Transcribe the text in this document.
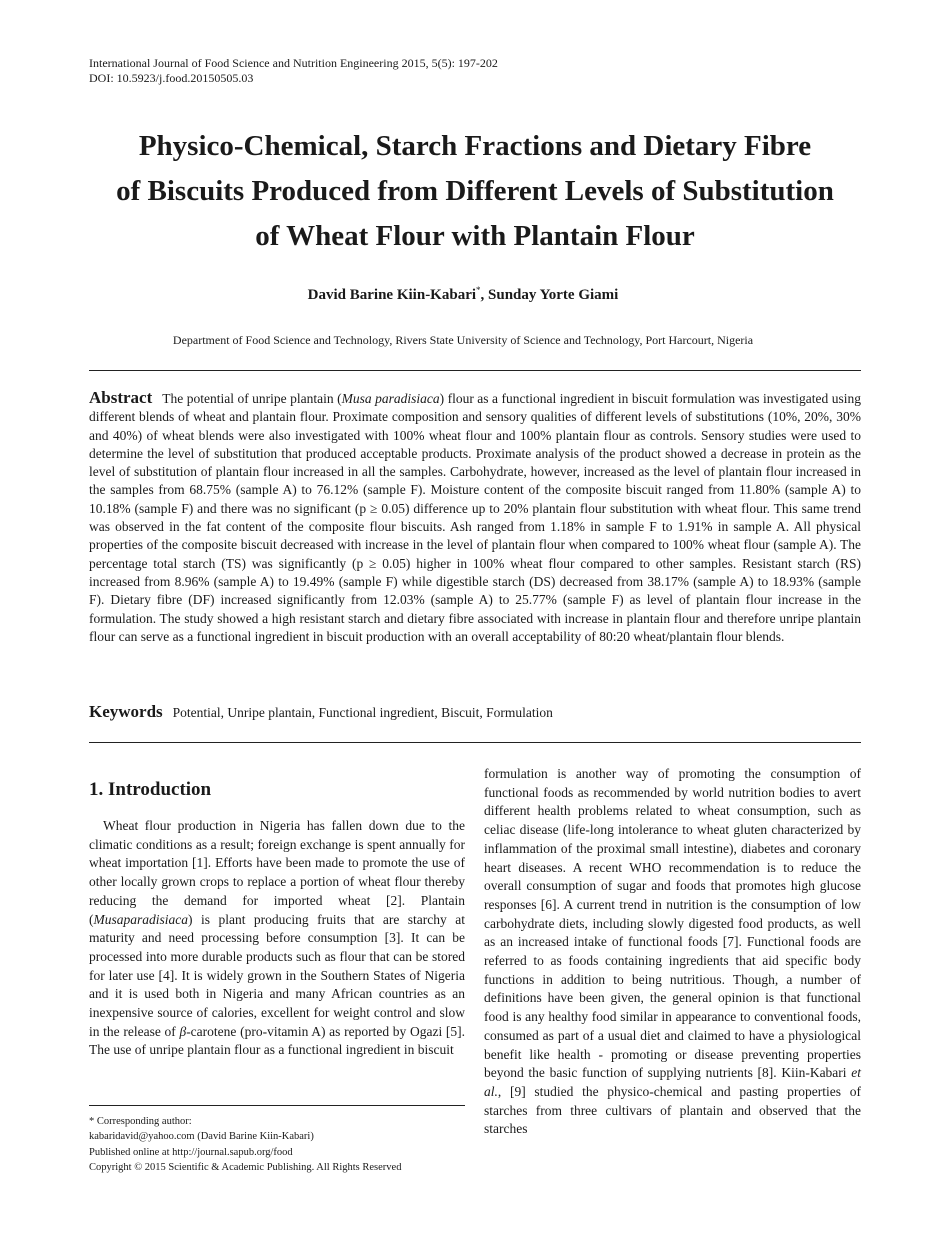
International Journal of Food Science and Nutrition Engineering 2015, 5(5): 197-202
DOI: 10.5923/j.food.20150505.03
Physico-Chemical, Starch Fractions and Dietary Fibre
of Biscuits Produced from Different Levels of Substitution
of Wheat Flour with Plantain Flour
David Barine Kiin-Kabari*, Sunday Yorte Giami
Department of Food Science and Technology, Rivers State University of Science and Technology, Port Harcourt, Nigeria
Abstract The potential of unripe plantain (Musa paradisiaca) flour as a functional ingredient in biscuit formulation was investigated using different blends of wheat and plantain flour. Proximate composition and sensory qualities of different levels of substitutions (10%, 20%, 30% and 40%) of wheat blends were also investigated with 100% wheat flour and 100% plantain flour as controls. Sensory studies were used to determine the level of substitution that produced acceptable products. Proximate analysis of the product showed a decrease in protein as the level of substitution of plantain flour increased in all the samples. Carbohydrate, however, increased as the level of plantain flour increased in the samples from 68.75% (sample A) to 76.12% (sample F). Moisture content of the composite biscuit ranged from 11.80% (sample A) to 10.18% (sample F) and there was no significant (p ≥ 0.05) difference up to 20% plantain flour substitution with wheat flour. This same trend was observed in the fat content of the composite flour biscuits. Ash ranged from 1.18% in sample F to 1.91% in sample A. All physical properties of the composite biscuit decreased with increase in the level of plantain flour when compared to 100% wheat flour (sample A). The percentage total starch (TS) was significantly (p ≥ 0.05) higher in 100% wheat flour compared to other samples. Resistant starch (RS) increased from 8.96% (sample A) to 19.49% (sample F) while digestible starch (DS) decreased from 38.17% (sample A) to 18.93% (sample F). Dietary fibre (DF) increased significantly from 12.03% (sample A) to 25.77% (sample F) as level of plantain flour increase in the formulation. The study showed a high resistant starch and dietary fibre associated with increase in plantain flour and therefore unripe plantain flour can serve as a functional ingredient in biscuit production with an overall acceptability of 80:20 wheat/plantain flour blends.
Keywords Potential, Unripe plantain, Functional ingredient, Biscuit, Formulation
1. Introduction

Wheat flour production in Nigeria has fallen down due to the climatic conditions as a result; foreign exchange is spent annually for wheat importation [1]. Efforts have been made to promote the use of other locally grown crops to replace a portion of wheat flour thereby reducing the demand for imported wheat [2]. Plantain (Musaparadisiaca) is plant producing fruits that are starchy at maturity and need processing before consumption [3]. It can be processed into more durable products such as flour that can be stored for later use [4]. It is widely grown in the Southern States of Nigeria and it is used both in Nigeria and many African countries as an inexpensive source of calories, excellent for weight control and slow in the release of β-carotene (pro-vitamin A) as reported by Ogazi [5]. The use of unripe plantain flour as a functional ingredient in biscuit

formulation is another way of promoting the consumption of functional foods as recommended by world nutrition bodies to avert different health problems related to wheat consumption, such as celiac disease (life-long intolerance to wheat gluten characterized by inflammation of the proximal small intestine), diabetes and coronary heart diseases. A recent WHO recommendation is to reduce the overall consumption of sugar and foods that promotes high glucose responses [6]. A current trend in nutrition is the consumption of low carbohydrate diets, including slowly digested food products, as well as an increased intake of functional foods [7]. Functional foods are referred to as foods containing ingredients that aid specific body functions in addition to being nutritious. Though, a number of definitions have been given, the general opinion is that functional food is any healthy food similar in appearance to conventional foods, consumed as part of a usual diet and claimed to have a physiological benefit like health - promoting or disease preventing properties beyond the basic function of supplying nutrients [8]. Kiin-Kabari et al., [9] studied the physico-chemical and pasting properties of starches from three cultivars of plantain and observed that the starches

* Corresponding author:
kabaridavid@yahoo.com (David Barine Kiin-Kabari)
Published online at http://journal.sapub.org/food
Copyright © 2015 Scientific & Academic Publishing. All Rights Reserved
